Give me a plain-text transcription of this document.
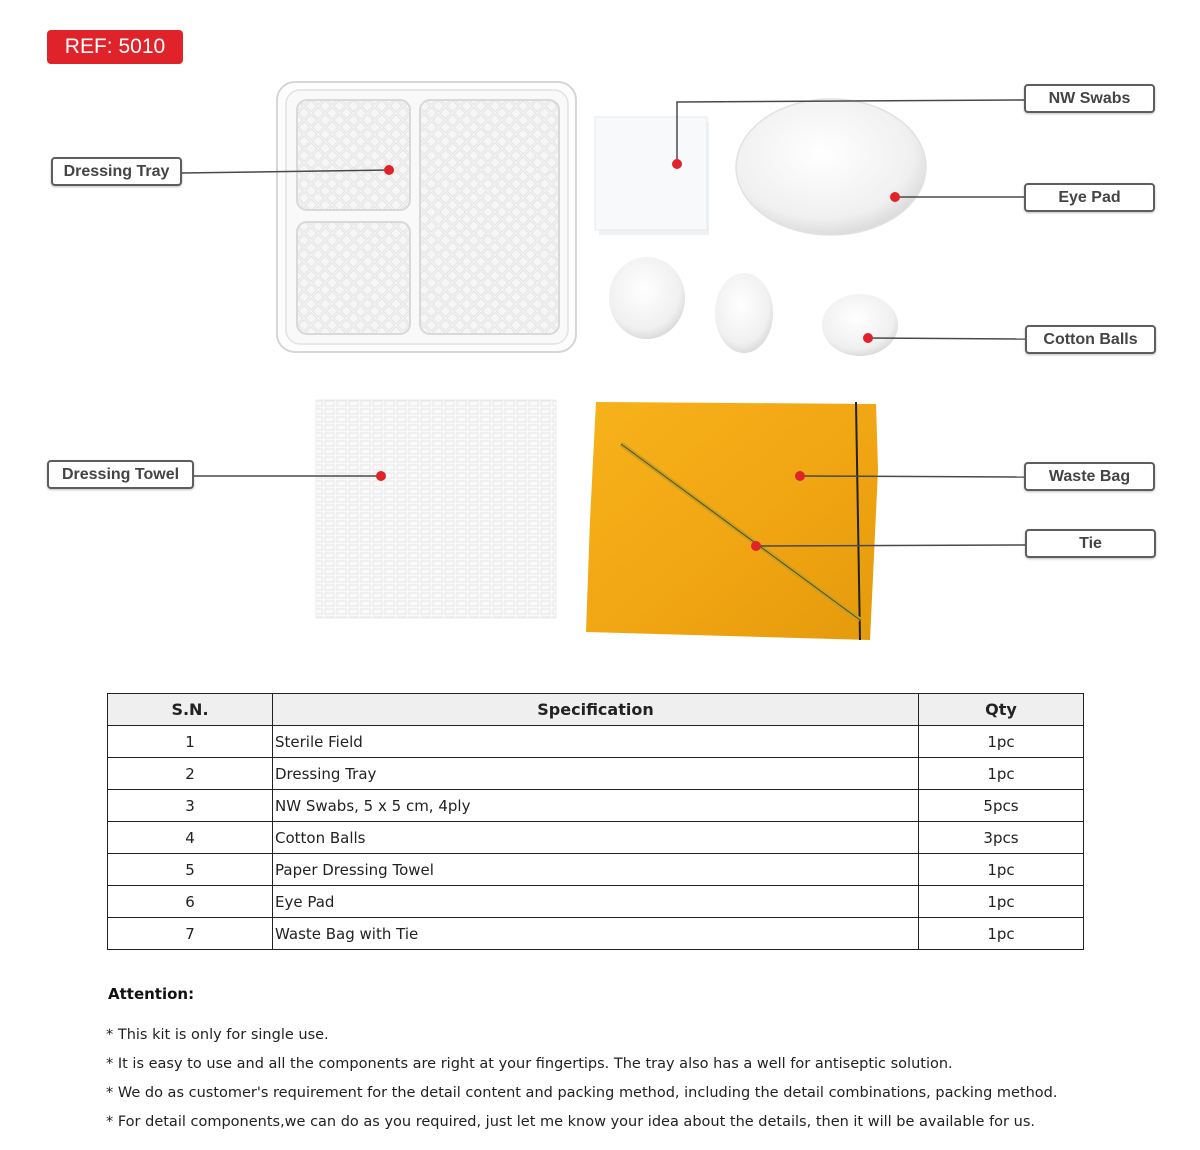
REF: 5010
Dressing Tray
NW Swabs
Eye Pad
Cotton Balls
Dressing Towel	Waste Bag
Tie
S.N.	Specification	Qty
1	Sterile Field	1pc
2	Dressing Tray	1pc
3	NW Swabs, 5 x 5 cm, 4ply	5pcs
4	Cotton Balls	3pcs
5	Paper Dressing Towel	1pc
6	Eye Pad	1pc
7	Waste Bag with Tie	1pc
Attention:
* This kit is only for single use.
* It is easy to use and all the components are right at your fingertips. The tray also has a well for antiseptic solution.
* We do as customer's requirement for the detail content and packing method, including the detail combinations, packing method.
* For detail components,we can do as you required, just let me know your idea about the details, then it will be available for us.
